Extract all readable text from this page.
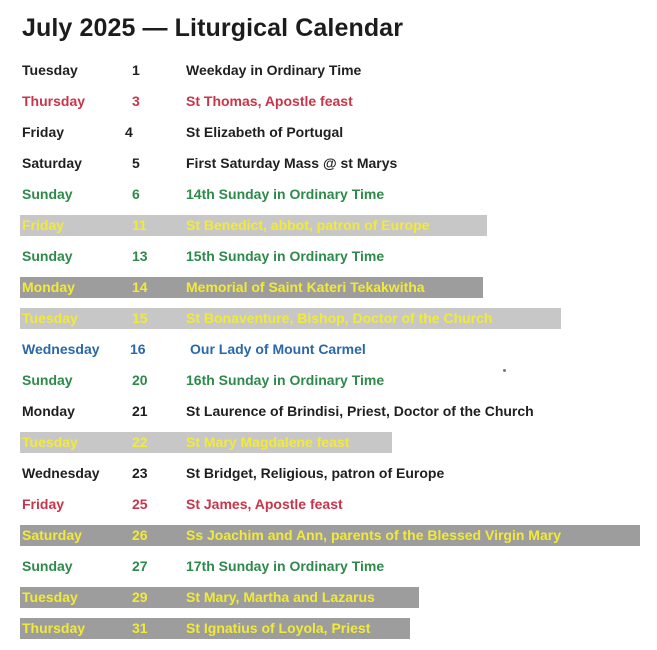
July 2025 — Liturgical Calendar
Tuesday	1	Weekday in Ordinary Time
Thursday	3	St Thomas, Apostle feast
Friday	4	St Elizabeth of Portugal
Saturday	5	First Saturday Mass @ st Marys
Sunday	6	14th Sunday in Ordinary Time
Friday	11	St Benedict, abbot, patron of Europe
Sunday	13	15th Sunday in Ordinary Time
Monday	14	Memorial of Saint Kateri Tekakwitha
Tuesday	15	St Bonaventure, Bishop, Doctor of the Church
Wednesday 16	Our Lady of Mount Carmel
Sunday	20	16th Sunday in Ordinary Time
Monday	21	St Laurence of Brindisi, Priest, Doctor of the Church
Tuesday	22	St Mary Magdalene feast
Wednesday 23	St Bridget, Religious, patron of Europe
Friday	25	St James, Apostle feast
Saturday	26	Ss Joachim and Ann, parents of the Blessed Virgin Mary
Sunday	27	17th Sunday in Ordinary Time
Tuesday	29	St Mary, Martha and Lazarus
Thursday	31	St Ignatius of Loyola, Priest
